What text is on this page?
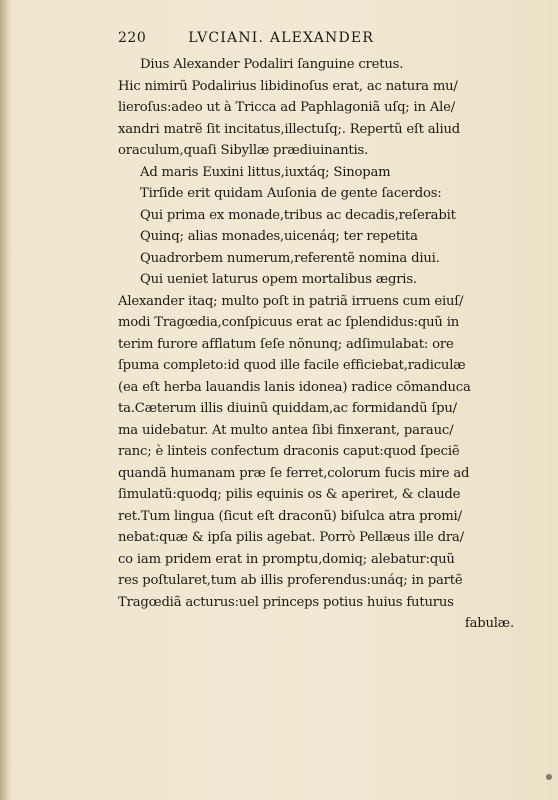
220	LVCIANI. ALEXANDER
Dius Alexander Podaliri ſanguine cretus.
Hic nimirũ Podalirius libidinoſus erat, ac natura mu/
lieroſus:adeo ut à Tricca ad Paphlagoniã uſq; in Ale/
xandri matrẽ ſit incitatus,illectuſq;. Repertũ eſt aliud
oraculum,quaſi Sibyllæ prædiuinantis.
Ad maris Euxini littus,iuxtáq; Sinopam
Tirſide erit quidam Auſonia de gente ſacerdos:
Qui prima ex monade,tribus ac decadis,reſerabit
Quinq; alias monades,uicenáq; ter repetita
Quadrorbem numerum,referentẽ nomina diui.
Qui ueniet laturus opem mortalibus ægris.
Alexander itaq; multo poſt in patriã irruens cum eiuſ/
modi Tragœdia,conſpicuus erat ac ſplendidus:quũ in
terim furore afflatum ſeſe nõnunq; adſimulabat: ore
ſpuma completo:id quod ille facile efficiebat,radiculæ
(ea eſt herba lauandis lanis idonea) radice cõmanduca
ta.Cæterum illis diuinũ quiddam,ac formidandũ ſpu/
ma uidebatur. At multo antea ſibi finxerant, parauc/
ranc; è linteis confectum draconis caput:quod ſpeciẽ
quandã humanam præ ſe ferret,colorum fucis mire ad
ſimulatũ:quodq; pilis equinis os & aperiret, & claude
ret.Tum lingua (ſicut eſt draconũ) biſulca atra promi/
nebat:quæ & ipſa pilis agebat. Porrò Pellæus ille dra/
co iam pridem erat in promptu,domiq; alebatur:quũ
res poſtularet,tum ab illis proferendus:unáq; in partẽ
Tragœdiã acturus:uel princeps potius huius futurus
fabulæ.
